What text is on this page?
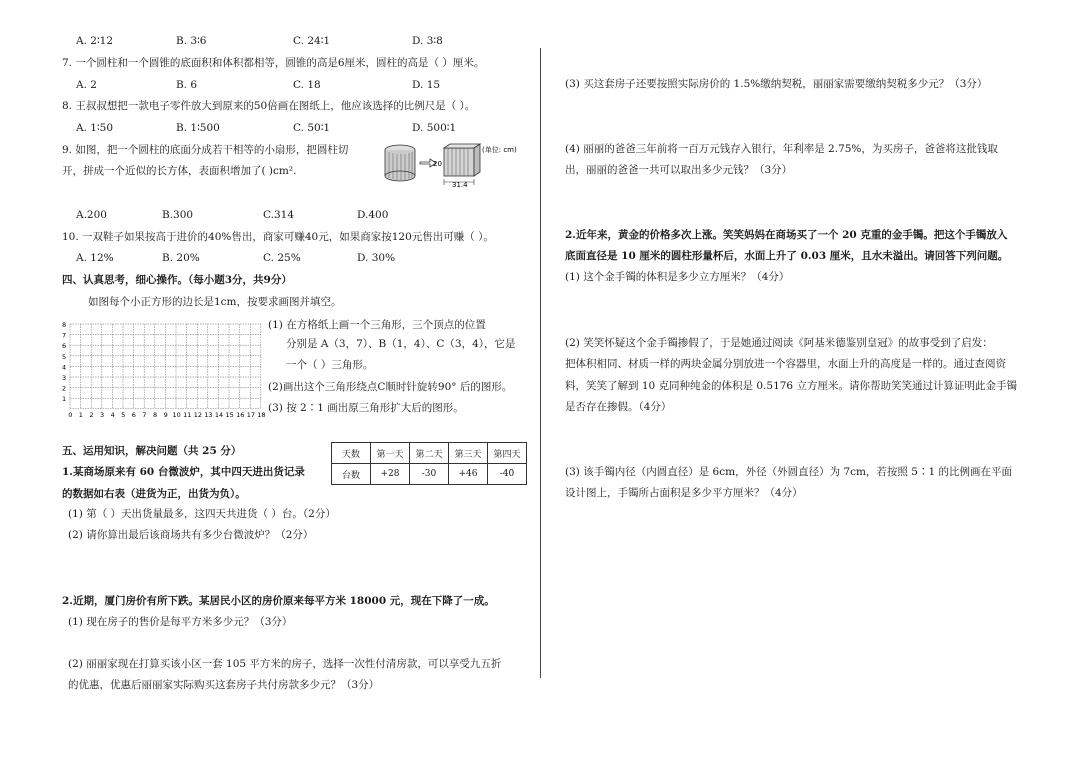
A. 2∶12	B. 3∶6	C. 24∶1	D. 3∶8
7. 一个圆柱和一个圆锥的底面积和体积都相等，圆锥的高是6厘米，圆柱的高是（ ）厘米。
A. 2	B. 6	C. 18	D. 15
8. 王叔叔想把一款电子零件放大到原来的50倍画在图纸上，他应该选择的比例尺是（ ）。
A. 1∶50	B. 1∶500	C. 50∶1	D. 500∶1
9. 如图，把一个圆柱的底面分成若干相等的小扇形，把圆柱切
开，拼成一个近似的长方体，表面积增加了( )cm².
31.4
20
(单位: cm)
A.200	B.300	C.314	D.400
10. 一双鞋子如果按高于进价的40%售出，商家可赚40元，如果商家按120元售出可赚（ ）。
A. 12%	B. 20%	C. 25%	D. 30%
四、认真思考，细心操作。（每小题3分，共9分）
如图每个小正方形的边长是1cm，按要求画图并填空。
8
7
6
5
4
3
2
1
0 1 2 3 4 5 6 7 8 9 10 11 12 13 14 15 16 17 18
(1) 在方格纸上画一个三角形，三个顶点的位置
分别是 A（3，7）、B（1，4）、C（3，4），它是
一个（ ）三角形。
(2)画出这个三角形绕点C顺时针旋转90° 后的图形。
(3) 按 2∶1 画出原三角形扩大后的图形。
五、运用知识，解决问题（共 25 分）
1.某商场原来有 60 台微波炉，其中四天进出货记录
的数据如右表（进货为正，出货为负）。
天数	第一天	第二天	第三天	第四天
台数	+28	-30	+46	-40
(1) 第（ ）天出货量最多，这四天共进货（ ）台。（2分）
(2) 请你算出最后该商场共有多少台微波炉？（2分）
2.近期，厦门房价有所下跌。某居民小区的房价原来每平方米 18000 元，现在下降了一成。
(1) 现在房子的售价是每平方米多少元？（3分）
(2) 丽丽家现在打算买该小区一套 105 平方米的房子，选择一次性付清房款，可以享受九五折
的优惠，优惠后丽丽家实际购买这套房子共付房款多少元？（3分）
(3) 买这套房子还要按照实际房价的 1.5%缴纳契税，丽丽家需要缴纳契税多少元？（3分）
(4) 丽丽的爸爸三年前将一百万元钱存入银行，年利率是 2.75%，为买房子，爸爸将这批钱取
出，丽丽的爸爸一共可以取出多少元钱？（3分）
2.近年来，黄金的价格多次上涨。笑笑妈妈在商场买了一个 20 克重的金手镯。把这个手镯放入
底面直径是 10 厘米的圆柱形量杯后，水面上升了 0.03 厘米，且水未溢出。请回答下列问题。
(1) 这个金手镯的体积是多少立方厘米？（4分）
(2) 笑笑怀疑这个金手镯掺假了，于是她通过阅读《阿基米德鉴别皇冠》的故事受到了启发：
把体积相同、材质一样的两块金属分别放进一个容器里，水面上升的高度是一样的。通过查阅资
料，笑笑了解到 10 克同种纯金的体积是 0.5176 立方厘米。请你帮助笑笑通过计算证明此金手镯
是否存在掺假。（4分）
(3) 该手镯内径（内圆直径）是 6cm，外径（外圆直径）为 7cm，若按照 5∶1 的比例画在平面
设计图上，手镯所占面积是多少平方厘米？（4分）
